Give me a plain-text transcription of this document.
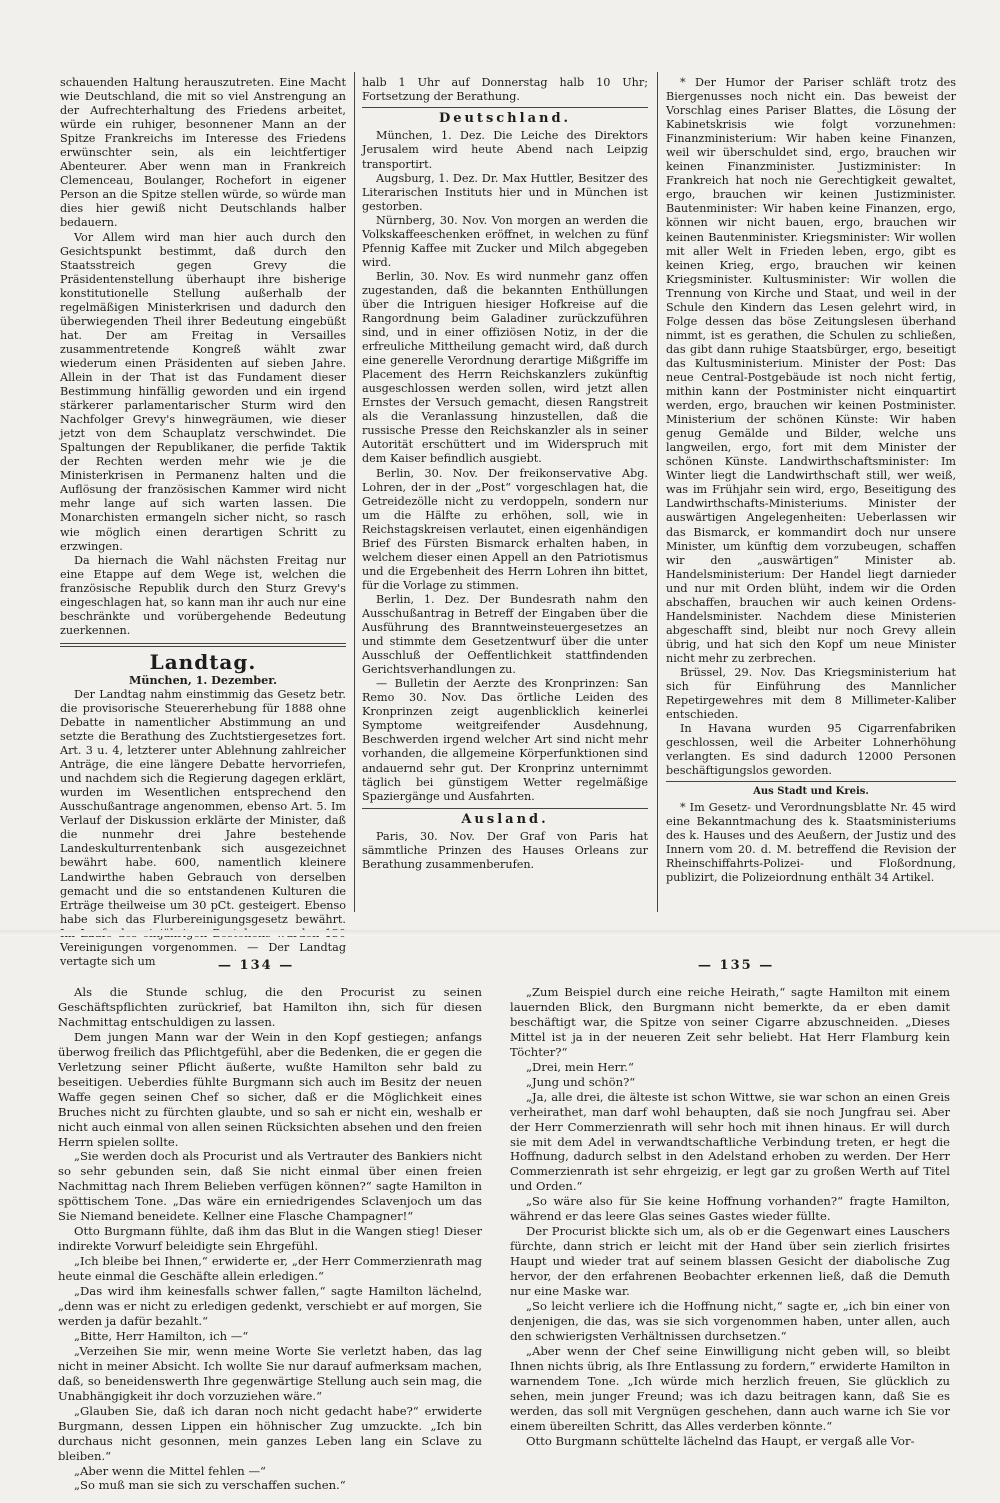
schauenden Haltung herauszutreten. Eine Macht wie Deutschland, die mit so viel Anstrengung an der Aufrechterhaltung des Friedens arbeitet, würde ein ruhiger, besonnener Mann an der Spitze Frankreichs im Interesse des Friedens erwünschter sein, als ein leichtfertiger Abenteurer. Aber wenn man in Frankreich Clemenceau, Boulanger, Rochefort in eigener Person an die Spitze stellen würde, so würde man dies hier gewiß nicht Deutschlands halber bedauern.

Vor Allem wird man hier auch durch den Gesichtspunkt bestimmt, daß durch den Staatsstreich gegen Grevy die Präsidentenstellung überhaupt ihre bisherige konstitutionelle Stellung außerhalb der regelmäßigen Ministerkrisen und dadurch den überwiegenden Theil ihrer Bedeutung eingebüßt hat. Der am Freitag in Versailles zusammentretende Kongreß wählt zwar wiederum einen Präsidenten auf sieben Jahre. Allein in der That ist das Fundament dieser Bestimmung hinfällig geworden und ein irgend stärkerer parlamentarischer Sturm wird den Nachfolger Grevy's hinwegräumen, wie dieser jetzt von dem Schauplatz verschwindet. Die Spaltungen der Republikaner, die perfide Taktik der Rechten werden mehr wie je die Ministerkrisen in Permanenz halten und die Auflösung der französischen Kammer wird nicht mehr lange auf sich warten lassen. Die Monarchisten ermangeln sicher nicht, so rasch wie möglich einen derartigen Schritt zu erzwingen.

Da hiernach die Wahl nächsten Freitag nur eine Etappe auf dem Wege ist, welchen die französische Republik durch den Sturz Grevy's eingeschlagen hat, so kann man ihr auch nur eine beschränkte und vorübergehende Bedeutung zuerkennen.

Landtag.
München, 1. Dezember.

Der Landtag nahm einstimmig das Gesetz betr. die provisorische Steuererhebung für 1888 ohne Debatte in namentlicher Abstimmung an und setzte die Berathung des Zuchtstiergesetzes fort. Art. 3 u. 4, letzterer unter Ablehnung zahlreicher Anträge, die eine längere Debatte hervorriefen, und nachdem sich die Regierung dagegen erklärt, wurden im Wesentlichen entsprechend den Ausschußantrage angenommen, ebenso Art. 5. Im Verlauf der Diskussion erklärte der Minister, daß die nunmehr drei Jahre bestehende Landeskulturrentenbank sich ausgezeichnet bewährt habe. 600, namentlich kleinere Landwirthe haben Gebrauch von derselben gemacht und die so entstandenen Kulturen die Erträge theilweise um 30 pCt. gesteigert. Ebenso habe sich das Flurbereinigungsgesetz bewährt. Vereinigungen vorgenommen. — Der Landtag vertagte sich um

halb 1 Uhr auf Donnerstag halb 10 Uhr; Fortsetzung der Berathung.

Deutschland.

München, 1. Dez. Die Leiche des Direktors Jerusalem wird heute Abend nach Leipzig transportirt.

Augsburg, 1. Dez. Dr. Max Huttler, Besitzer des Literarischen Instituts hier und in München ist gestorben.

Nürnberg, 30. Nov. Von morgen an werden die Volkskaffeeschenken eröffnet, in welchen zu fünf Pfennig Kaffee mit Zucker und Milch abgegeben wird.

Berlin, 30. Nov. Es wird nunmehr ganz offen zugestanden, daß die bekannten Enthüllungen über die Intriguen hiesiger Hofkreise auf die Rangordnung beim Galadiner zurückzuführen sind, und in einer offiziösen Notiz, in der die erfreuliche Mittheilung gemacht wird, daß durch eine generelle Verordnung derartige Mißgriffe im Placement des Herrn Reichskanzlers zukünftig ausgeschlossen werden sollen, wird jetzt allen Ernstes der Versuch gemacht, diesen Rangstreit als die Veranlassung hinzustellen, daß die russische Presse den Reichskanzler als in seiner Autorität erschüttert und im Widerspruch mit dem Kaiser befindlich ausgiebt.

Berlin, 30. Nov. Der freikonservative Abg. Lohren, der in der „Post“ vorgeschlagen hat, die Getreidezölle nicht zu verdoppeln, sondern nur um die Hälfte zu erhöhen, soll, wie in Reichstagskreisen verlautet, einen eigenhändigen Brief des Fürsten Bismarck erhalten haben, in welchem dieser einen Appell an den Patriotismus und die Ergebenheit des Herrn Lohren ihn bittet, für die Vorlage zu stimmen.

Berlin, 1. Dez. Der Bundesrath nahm den Ausschußantrag in Betreff der Eingaben über die Ausführung des Branntweinsteuergesetzes an und stimmte dem Gesetzentwurf über die unter Ausschluß der Oeffentlichkeit stattfindenden Gerichtsverhandlungen zu.

— Bulletin der Aerzte des Kronprinzen: San Remo 30. Nov. Das örtliche Leiden des Kronprinzen zeigt augenblicklich keinerlei Symptome weitgreifender Ausdehnung, Beschwerden irgend welcher Art sind nicht mehr vorhanden, die allgemeine Körperfunktionen sind andauernd sehr gut. Der Kronprinz unternimmt täglich bei günstigem Wetter regelmäßige Spaziergänge und Ausfahrten.

Ausland.

Paris, 30. Nov. Der Graf von Paris hat sämmtliche Prinzen des Hauses Orleans zur Berathung zusammenberufen.

* Der Humor der Pariser schläft trotz des Biergenusses noch nicht ein. Das beweist der Vorschlag eines Pariser Blattes, die Lösung der Kabinetskrisis wie folgt vorzunehmen: Finanzministerium: Wir haben keine Finanzen, weil wir überschuldet sind, ergo, brauchen wir keinen Finanzminister. Justizminister: In Frankreich hat noch nie Gerechtigkeit gewaltet, ergo, brauchen wir keinen Justizminister. Bautenminister: Wir haben keine Finanzen, ergo, können wir nicht bauen, ergo, brauchen wir keinen Bautenminister. Kriegsminister: Wir wollen mit aller Welt in Frieden leben, ergo, gibt es keinen Krieg, ergo, brauchen wir keinen Kriegsminister. Kultusminister: Wir wollen die Trennung von Kirche und Staat, und weil in der Schule den Kindern das Lesen gelehrt wird, in Folge dessen das böse Zeitungslesen überhand nimmt, ist es gerathen, die Schulen zu schließen, das gibt dann ruhige Staatsbürger, ergo, beseitigt das Kultusministerium. Minister der Post: Das neue Central-Postgebäude ist noch nicht fertig, mithin kann der Postminister nicht einquartirt werden, ergo, brauchen wir keinen Postminister. Ministerium der schönen Künste: Wir haben genug Gemälde und Bilder, welche uns langweilen, ergo, fort mit dem Minister der schönen Künste. Landwirthschaftsminister: Im Winter liegt die Landwirthschaft still, wer weiß, was im Frühjahr sein wird, ergo, Beseitigung des Landwirthschafts-Ministeriums. Minister der auswärtigen Angelegenheiten: Ueberlassen wir das Bismarck, er kommandirt doch nur unsere Minister, um künftig dem vorzubeugen, schaffen wir den „auswärtigen“ Minister ab. Handelsministerium: Der Handel liegt darnieder und nur mit Orden blüht, indem wir die Orden abschaffen, brauchen wir auch keinen Ordens-Handelsminister. Nachdem diese Ministerien abgeschafft sind, bleibt nur noch Grevy allein übrig, und hat sich den Kopf um neue Minister nicht mehr zu zerbrechen.

Brüssel, 29. Nov. Das Kriegsministerium hat sich für Einführung des Mannlicher Repetirgewehres mit dem 8 Millimeter-Kaliber entschieden.

In Havana wurden 95 Cigarrenfabriken geschlossen, weil die Arbeiter Lohnerhöhung verlangten. Es sind dadurch 12000 Personen beschäftigungslos geworden.

Aus Stadt und Kreis.

* Im Gesetz- und Verordnungsblatte Nr. 45 wird eine Bekanntmachung des k. Staatsministeriums des k. Hauses und des Aeußern, der Justiz und des Innern vom 20. d. M. betreffend die Revision der Rheinschiffahrts-Polizei- und Floßordnung, publizirt, die Polizeiordnung enthält 34 Artikel.

— 134 —	— 135 —

Als die Stunde schlug, die den Procurist zu seinen Geschäftspflichten zurückrief, bat Hamilton ihn, sich für diesen Nachmittag entschuldigen zu lassen.

Dem jungen Mann war der Wein in den Kopf gestiegen; anfangs überwog freilich das Pflichtgefühl, aber die Bedenken, die er gegen die Verletzung seiner Pflicht äußerte, wußte Hamilton sehr bald zu beseitigen. Ueberdies fühlte Burgmann sich auch im Besitz der neuen Waffe gegen seinen Chef so sicher, daß er die Möglichkeit eines Bruches nicht zu fürchten glaubte, und so sah er nicht ein, weshalb er nicht auch einmal von allen seinen Rücksichten absehen und den freien Herrn spielen sollte.

„Sie werden doch als Procurist und als Vertrauter des Bankiers nicht so sehr gebunden sein, daß Sie nicht einmal über einen freien Nachmittag nach Ihrem Belieben verfügen können?“ sagte Hamilton in spöttischem Tone. „Das wäre ein erniedrigendes Sclavenjoch um das Sie Niemand beneidete. Kellner eine Flasche Champagner!“

Otto Burgmann fühlte, daß ihm das Blut in die Wangen stieg! Dieser indirekte Vorwurf beleidigte sein Ehrgefühl.

„Ich bleibe bei Ihnen,“ erwiderte er, „der Herr Commerzienrath mag heute einmal die Geschäfte allein erledigen.“

„Das wird ihm keinesfalls schwer fallen,“ sagte Hamilton lächelnd, „denn was er nicht zu erledigen gedenkt, verschiebt er auf morgen, Sie werden ja dafür bezahlt.“

„Bitte, Herr Hamilton, ich —“

„Verzeihen Sie mir, wenn meine Worte Sie verletzt haben, das lag nicht in meiner Absicht. Ich wollte Sie nur darauf aufmerksam machen, daß, so beneidenswerth Ihre gegenwärtige Stellung auch sein mag, die Unabhängigkeit ihr doch vorzuziehen wäre.“

„Glauben Sie, daß ich daran noch nicht gedacht habe?“ erwiderte Burgmann, dessen Lippen ein höhnischer Zug umzuckte. „Ich bin durchaus nicht gesonnen, mein ganzes Leben lang ein Sclave zu bleiben.“

„Aber wenn die Mittel fehlen —“

„So muß man sie sich zu verschaffen suchen.“

„Zum Beispiel durch eine reiche Heirath,“ sagte Hamilton mit einem lauernden Blick, den Burgmann nicht bemerkte, da er eben damit beschäftigt war, die Spitze von seiner Cigarre abzuschneiden. „Dieses Mittel ist ja in der neueren Zeit sehr beliebt. Hat Herr Flamburg kein Töchter?“

„Drei, mein Herr.“

„Jung und schön?“

„Ja, alle drei, die älteste ist schon Wittwe, sie war schon an einen Greis verheirathet, man darf wohl behaupten, daß sie noch Jungfrau sei. Aber der Herr Commerzienrath will sehr hoch mit ihnen hinaus. Er will durch sie mit dem Adel in verwandtschaftliche Verbindung treten, er hegt die Hoffnung, dadurch selbst in den Adelstand erhoben zu werden. Der Herr Commerzienrath ist sehr ehrgeizig, er legt gar zu großen Werth auf Titel und Orden.“

„So wäre also für Sie keine Hoffnung vorhanden?“ fragte Hamilton, während er das leere Glas seines Gastes wieder füllte.

Der Procurist blickte sich um, als ob er die Gegenwart eines Lauschers fürchte, dann strich er leicht mit der Hand über sein zierlich frisirtes Haupt und wieder trat auf seinem blassen Gesicht der diabolische Zug hervor, der den erfahrenen Beobachter erkennen ließ, daß die Demuth nur eine Maske war.

„So leicht verliere ich die Hoffnung nicht,“ sagte er, „ich bin einer von denjenigen, die das, was sie sich vorgenommen haben, unter allen, auch den schwierigsten Verhältnissen durchsetzen.“

„Aber wenn der Chef seine Einwilligung nicht geben will, so bleibt Ihnen nichts übrig, als Ihre Entlassung zu fordern,“ erwiderte Hamilton in warnendem Tone. „Ich würde mich herzlich freuen, Sie glücklich zu sehen, mein junger Freund; was ich dazu beitragen kann, daß Sie es werden, das soll mit Vergnügen geschehen, dann auch warne ich Sie vor einem übereilten Schritt, das Alles verderben könnte.“

Otto Burgmann schüttelte lächelnd das Haupt, er vergaß alle Vor-
